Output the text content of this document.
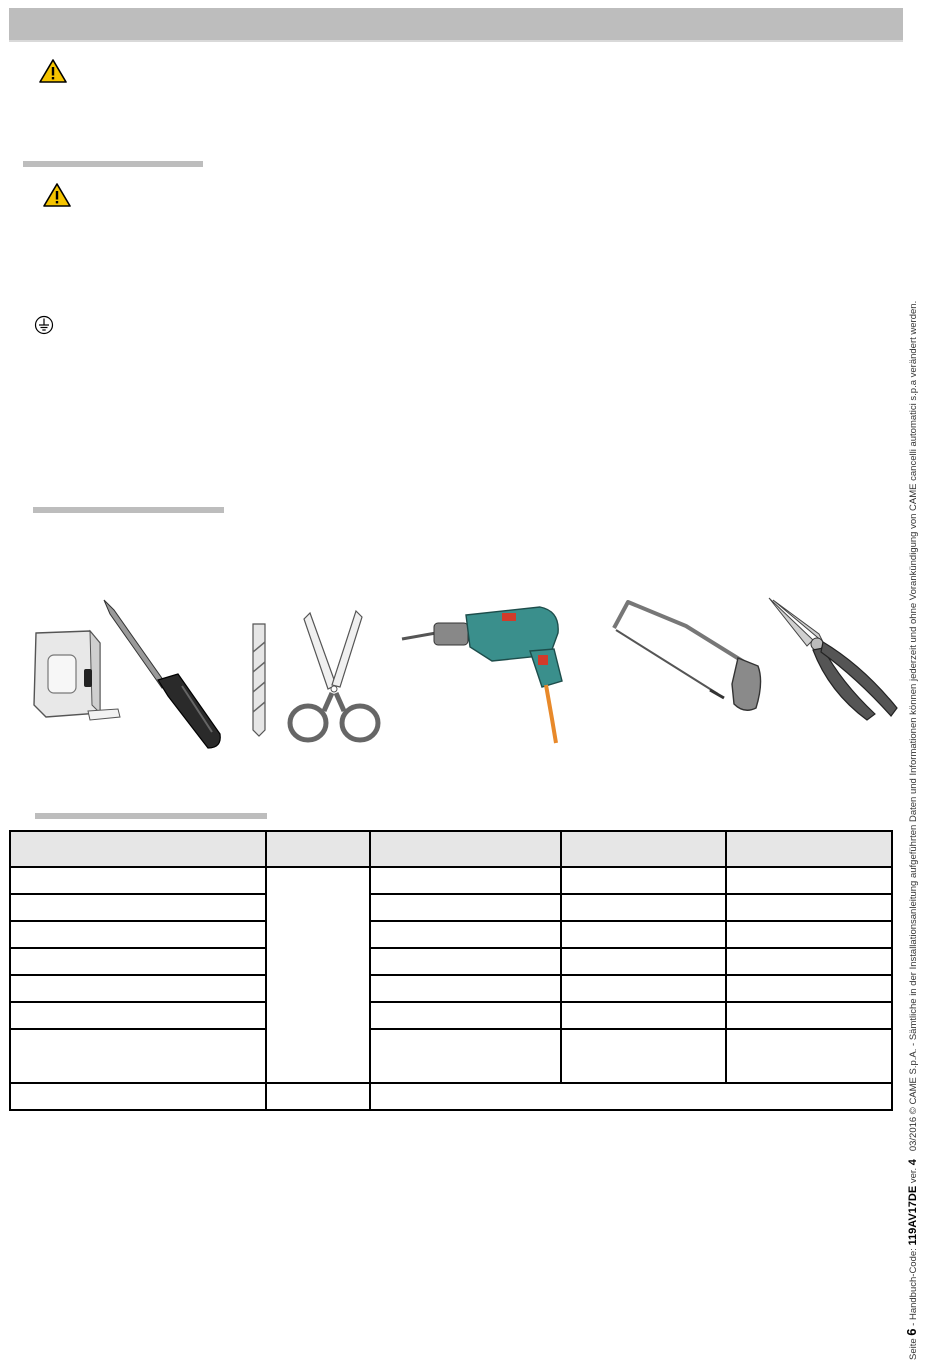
Seite 6 - Handbuch-Code: 119AV17DE ver. 4   03/2016 © CAME S.p.A. - Sämtliche in der Installationsanleitung aufgeführten Daten und Informationen können jederzeit und ohne Vorankündigung von CAME cancelli automatici s.p.a verändert werden.
